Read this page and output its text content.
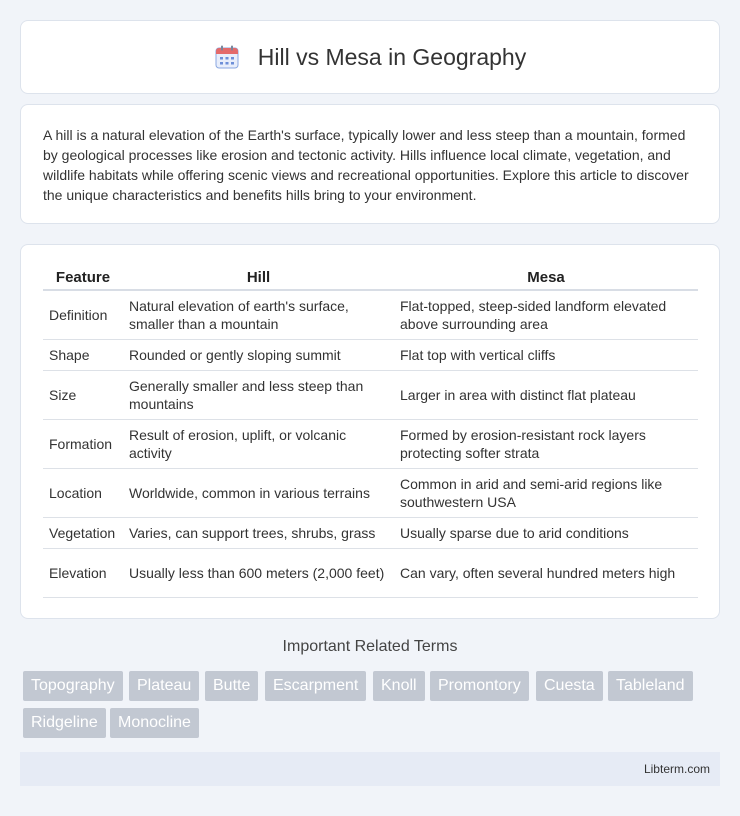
Hill vs Mesa in Geography

A hill is a natural elevation of the Earth's surface, typically lower and less steep than a mountain, formed by geological processes like erosion and tectonic activity. Hills influence local climate, vegetation, and wildlife habitats while offering scenic views and recreational opportunities. Explore this article to discover the unique characteristics and benefits hills bring to your environment.

Feature	Hill	Mesa
Definition	Natural elevation of earth's surface, smaller than a mountain	Flat-topped, steep-sided landform elevated above surrounding area
Shape	Rounded or gently sloping summit	Flat top with vertical cliffs
Size	Generally smaller and less steep than mountains	Larger in area with distinct flat plateau
Formation	Result of erosion, uplift, or volcanic activity	Formed by erosion-resistant rock layers protecting softer strata
Location	Worldwide, common in various terrains	Common in arid and semi-arid regions like southwestern USA
Vegetation	Varies, can support trees, shrubs, grass	Usually sparse due to arid conditions
Elevation	Usually less than 600 meters (2,000 feet)	Can vary, often several hundred meters high
Important Related Terms
Topography	Plateau	Butte	Escarpment	Knoll	Promontory	Cuesta	Tableland
Ridgeline	Monocline
Libterm.com
